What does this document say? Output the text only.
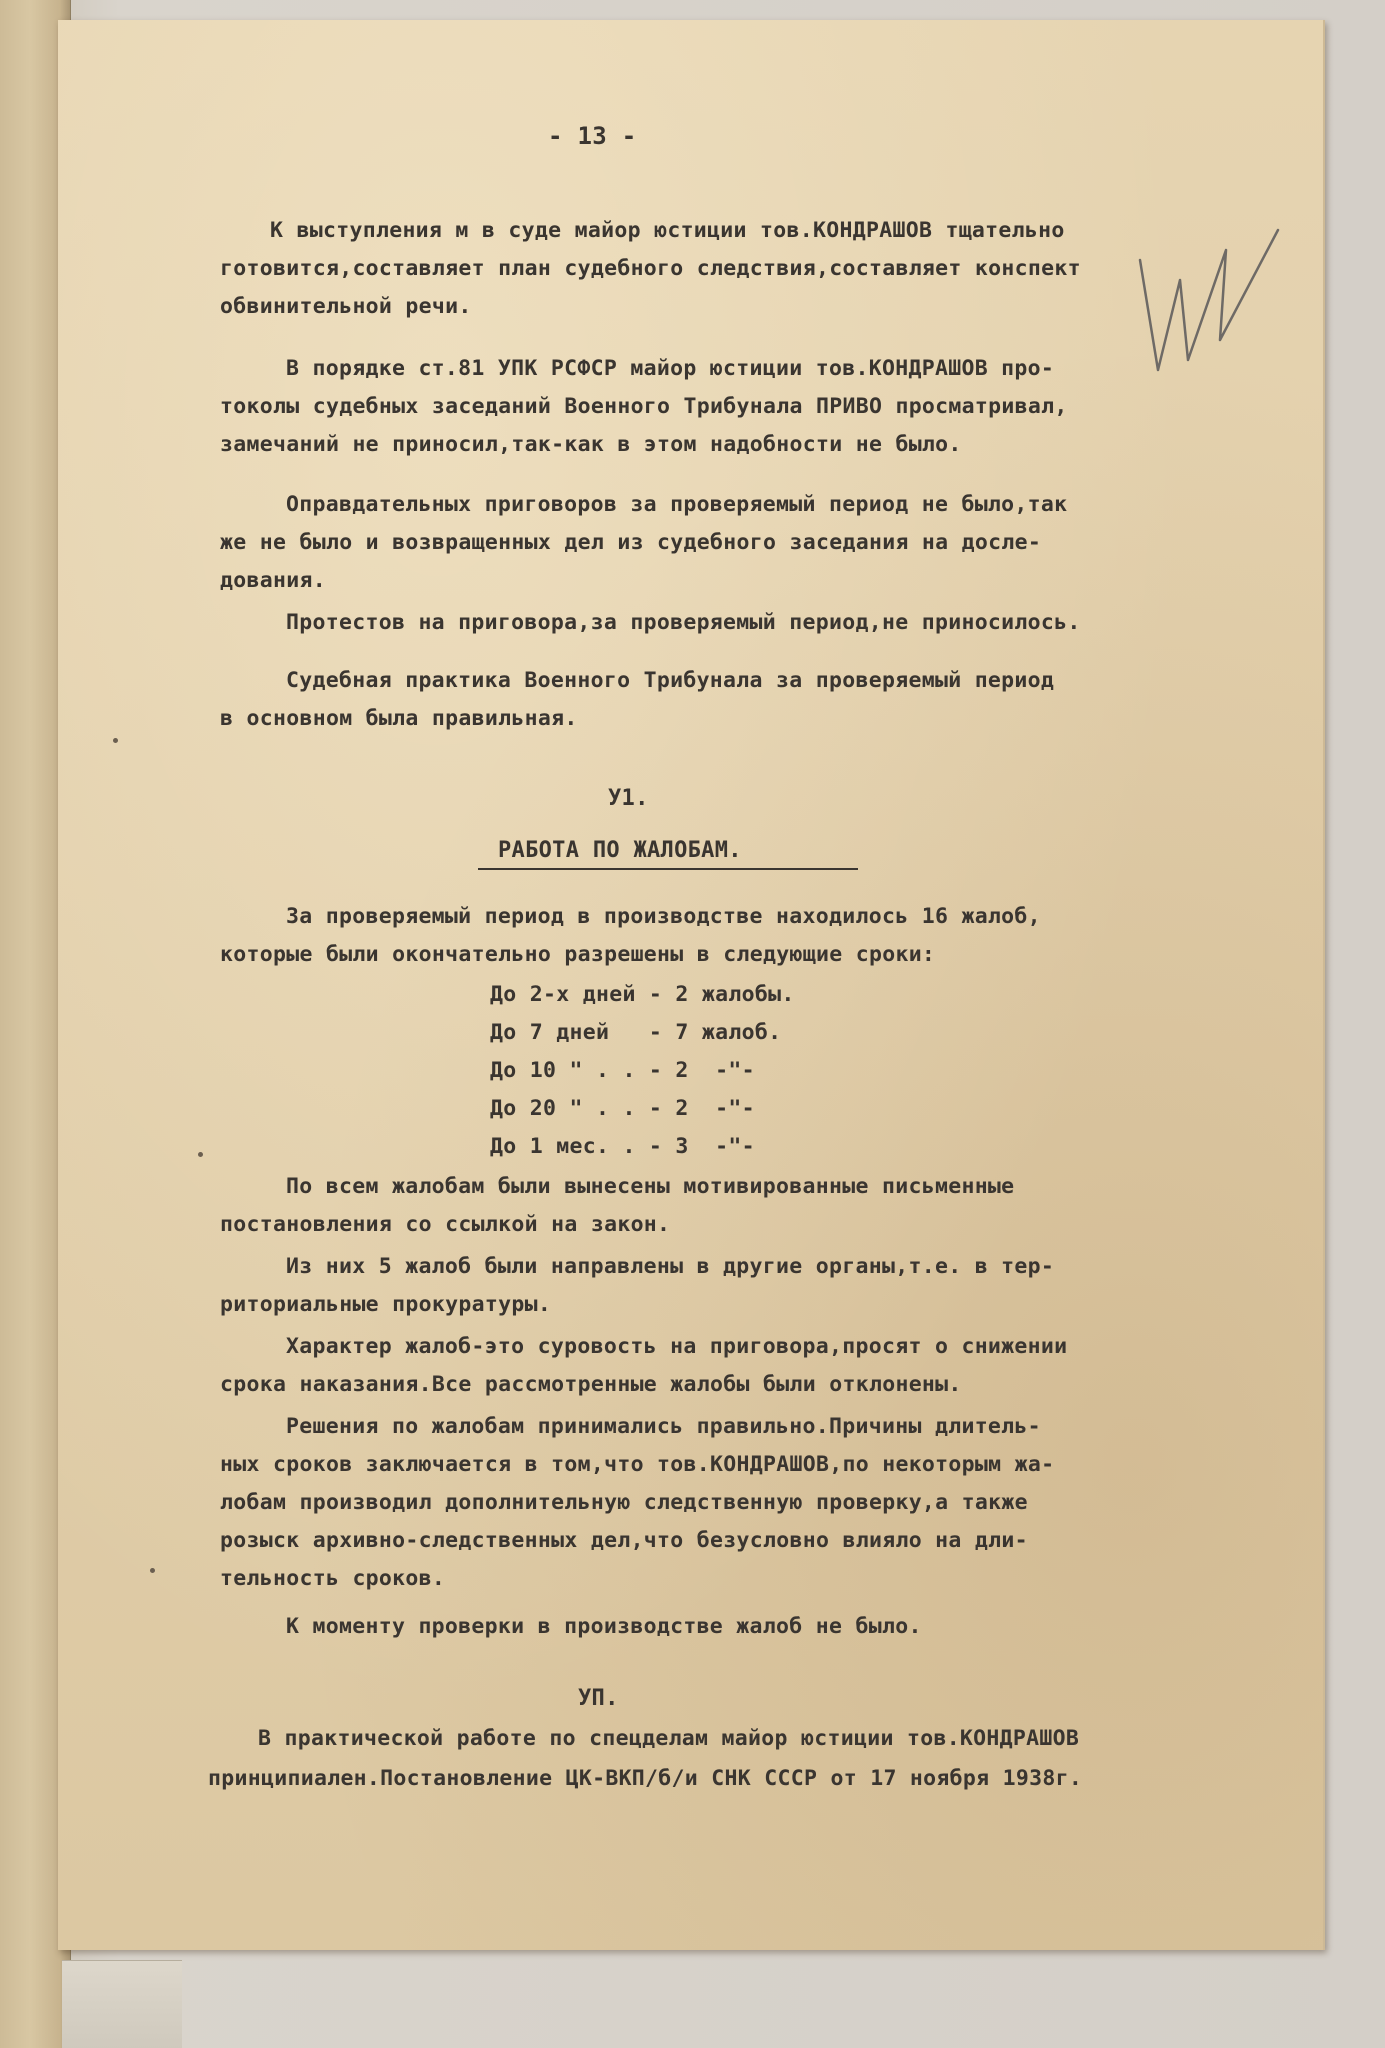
- 13 -
К выступления м в суде майор юстиции тов.КОНДРАШОВ тщательно
готовится,составляет план судебного следствия,составляет конспект
обвинительной речи.
В порядке ст.81 УПК РСФСР майор юстиции тов.КОНДРАШОВ про-
токолы судебных заседаний Военного Трибунала ПРИВО просматривал,
замечаний не приносил,так-как в этом надобности не было.
Оправдательных приговоров за проверяемый период не было,так
же не было и возвращенных дел из судебного заседания на досле-
дования.
Протестов на приговора,за проверяемый период,не приносилось.
Судебная практика Военного Трибунала за проверяемый период
в основном была правильная.
У1.
РАБОТА ПО ЖАЛОБАМ.
За проверяемый период в производстве находилось 16 жалоб,
которые были окончательно разрешены в следующие сроки:
До 2-х дней - 2 жалобы.
До 7 дней   - 7 жалоб.
До 10 " . . - 2  -"-
До 20 " . . - 2  -"-
До 1 мес. . - 3  -"-
По всем жалобам были вынесены мотивированные письменные
постановления со ссылкой на закон.
Из них 5 жалоб были направлены в другие органы,т.е. в тер-
риториальные прокуратуры.
Характер жалоб-это суровость на приговора,просят о снижении
срока наказания.Все рассмотренные жалобы были отклонены.
Решения по жалобам принимались правильно.Причины длитель-
ных сроков заключается в том,что тов.КОНДРАШОВ,по некоторым жа-
лобам производил дополнительную следственную проверку,а также
розыск архивно-следственных дел,что безусловно влияло на дли-
тельность сроков.
К моменту проверки в производстве жалоб не было.
УП.
В практической работе по спецделам майор юстиции тов.КОНДРАШОВ
принципиален.Постановление ЦК-ВКП/б/и СНК СССР от 17 ноября 1938г.
